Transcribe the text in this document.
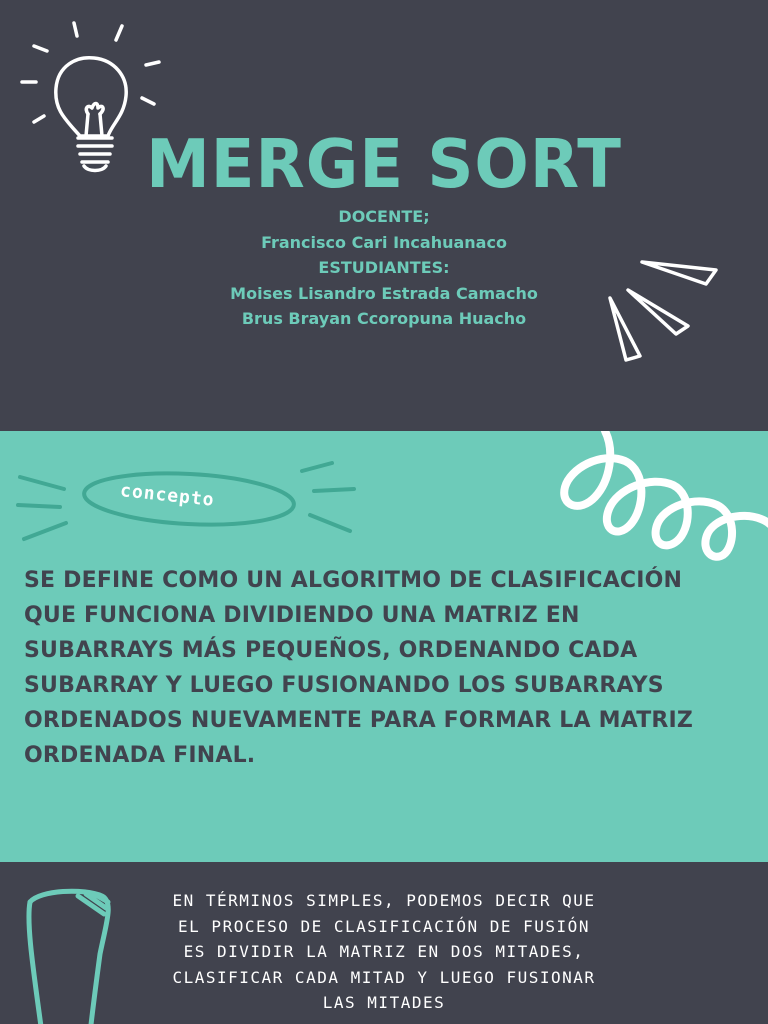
MERGE SORT
DOCENTE;
Francisco Cari Incahuanaco
ESTUDIANTES:
Moises Lisandro Estrada Camacho
Brus Brayan Ccoropuna Huacho
concepto
SE DEFINE COMO UN ALGORITMO DE CLASIFICACIÓN QUE FUNCIONA DIVIDIENDO UNA MATRIZ EN SUBARRAYS MÁS PEQUEÑOS, ORDENANDO CADA SUBARRAY Y LUEGO FUSIONANDO LOS SUBARRAYS ORDENADOS NUEVAMENTE PARA FORMAR LA MATRIZ ORDENADA FINAL.
EN TÉRMINOS SIMPLES, PODEMOS DECIR QUE EL PROCESO DE CLASIFICACIÓN DE FUSIÓN ES DIVIDIR LA MATRIZ EN DOS MITADES, CLASIFICAR CADA MITAD Y LUEGO FUSIONAR LAS MITADES
